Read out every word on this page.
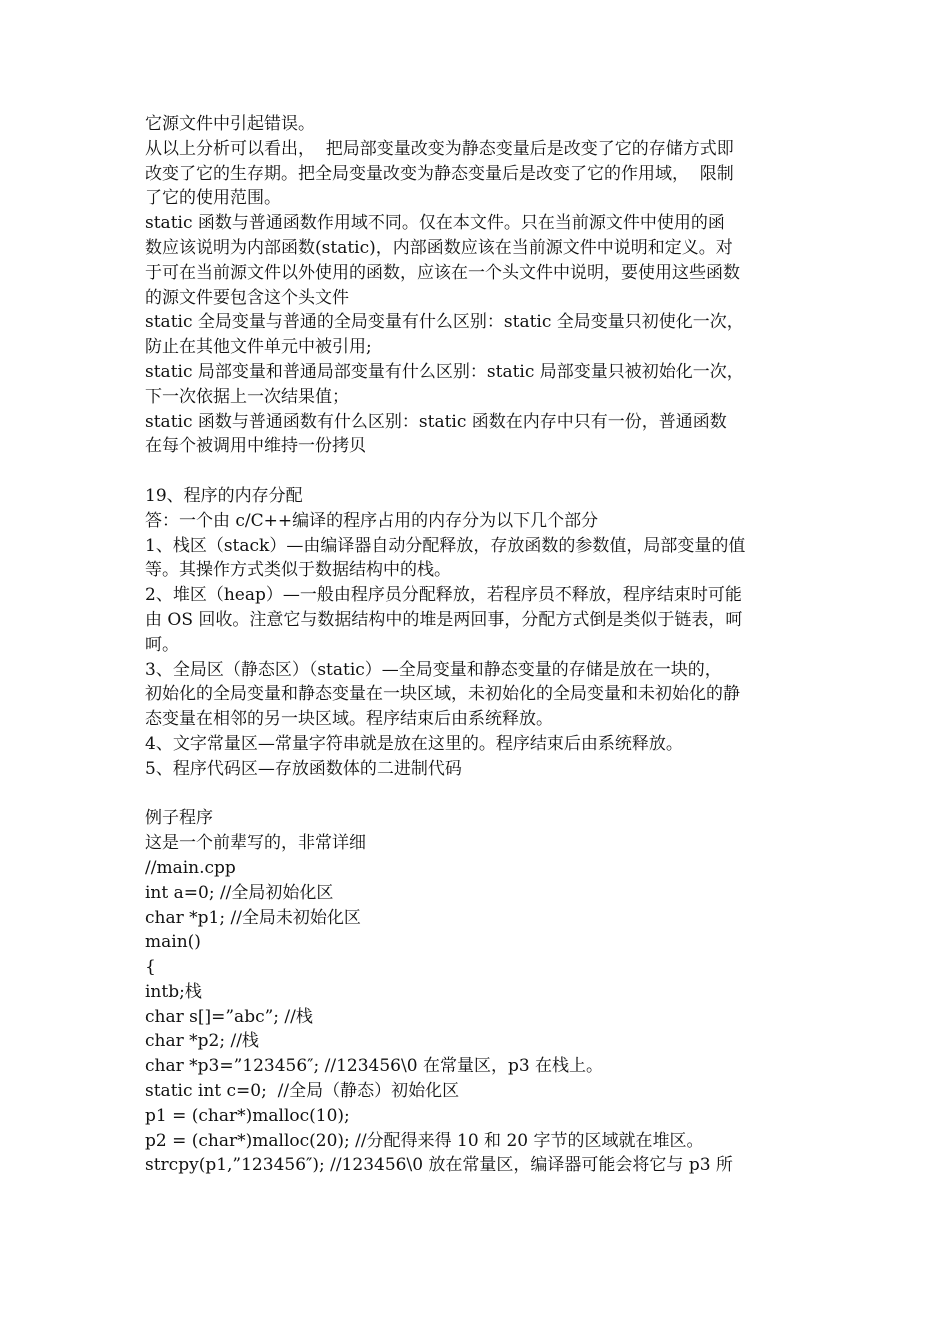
它源文件中引起错误。
从以上分析可以看出，  把局部变量改变为静态变量后是改变了它的存储方式即
改变了它的生存期。把全局变量改变为静态变量后是改变了它的作用域，  限制
了它的使用范围。
static 函数与普通函数作用域不同。仅在本文件。只在当前源文件中使用的函
数应该说明为内部函数(static)，内部函数应该在当前源文件中说明和定义。对
于可在当前源文件以外使用的函数，应该在一个头文件中说明，要使用这些函数
的源文件要包含这个头文件
static 全局变量与普通的全局变量有什么区别：static 全局变量只初使化一次，
防止在其他文件单元中被引用;
static 局部变量和普通局部变量有什么区别：static 局部变量只被初始化一次，
下一次依据上一次结果值；
static 函数与普通函数有什么区别：static 函数在内存中只有一份，普通函数
在每个被调用中维持一份拷贝
19、程序的内存分配
答：一个由 c/C++编译的程序占用的内存分为以下几个部分
1、栈区（stack）—由编译器自动分配释放，存放函数的参数值，局部变量的值
等。其操作方式类似于数据结构中的栈。
2、堆区（heap）—一般由程序员分配释放，若程序员不释放，程序结束时可能
由 OS 回收。注意它与数据结构中的堆是两回事，分配方式倒是类似于链表，呵
呵。
3、全局区（静态区）（static）—全局变量和静态变量的存储是放在一块的，
初始化的全局变量和静态变量在一块区域，未初始化的全局变量和未初始化的静
态变量在相邻的另一块区域。程序结束后由系统释放。
4、文字常量区—常量字符串就是放在这里的。程序结束后由系统释放。
5、程序代码区—存放函数体的二进制代码
例子程序
这是一个前辈写的，非常详细
//main.cpp
int a=0; //全局初始化区
char *p1; //全局未初始化区
main()
{
intb;栈
char s[]=”abc”; //栈
char *p2; //栈
char *p3=”123456″; //123456\0 在常量区，p3 在栈上。
static int c=0;  //全局（静态）初始化区
p1 = (char*)malloc(10);
p2 = (char*)malloc(20); //分配得来得 10 和 20 字节的区域就在堆区。
strcpy(p1,”123456″); //123456\0 放在常量区，编译器可能会将它与 p3 所
